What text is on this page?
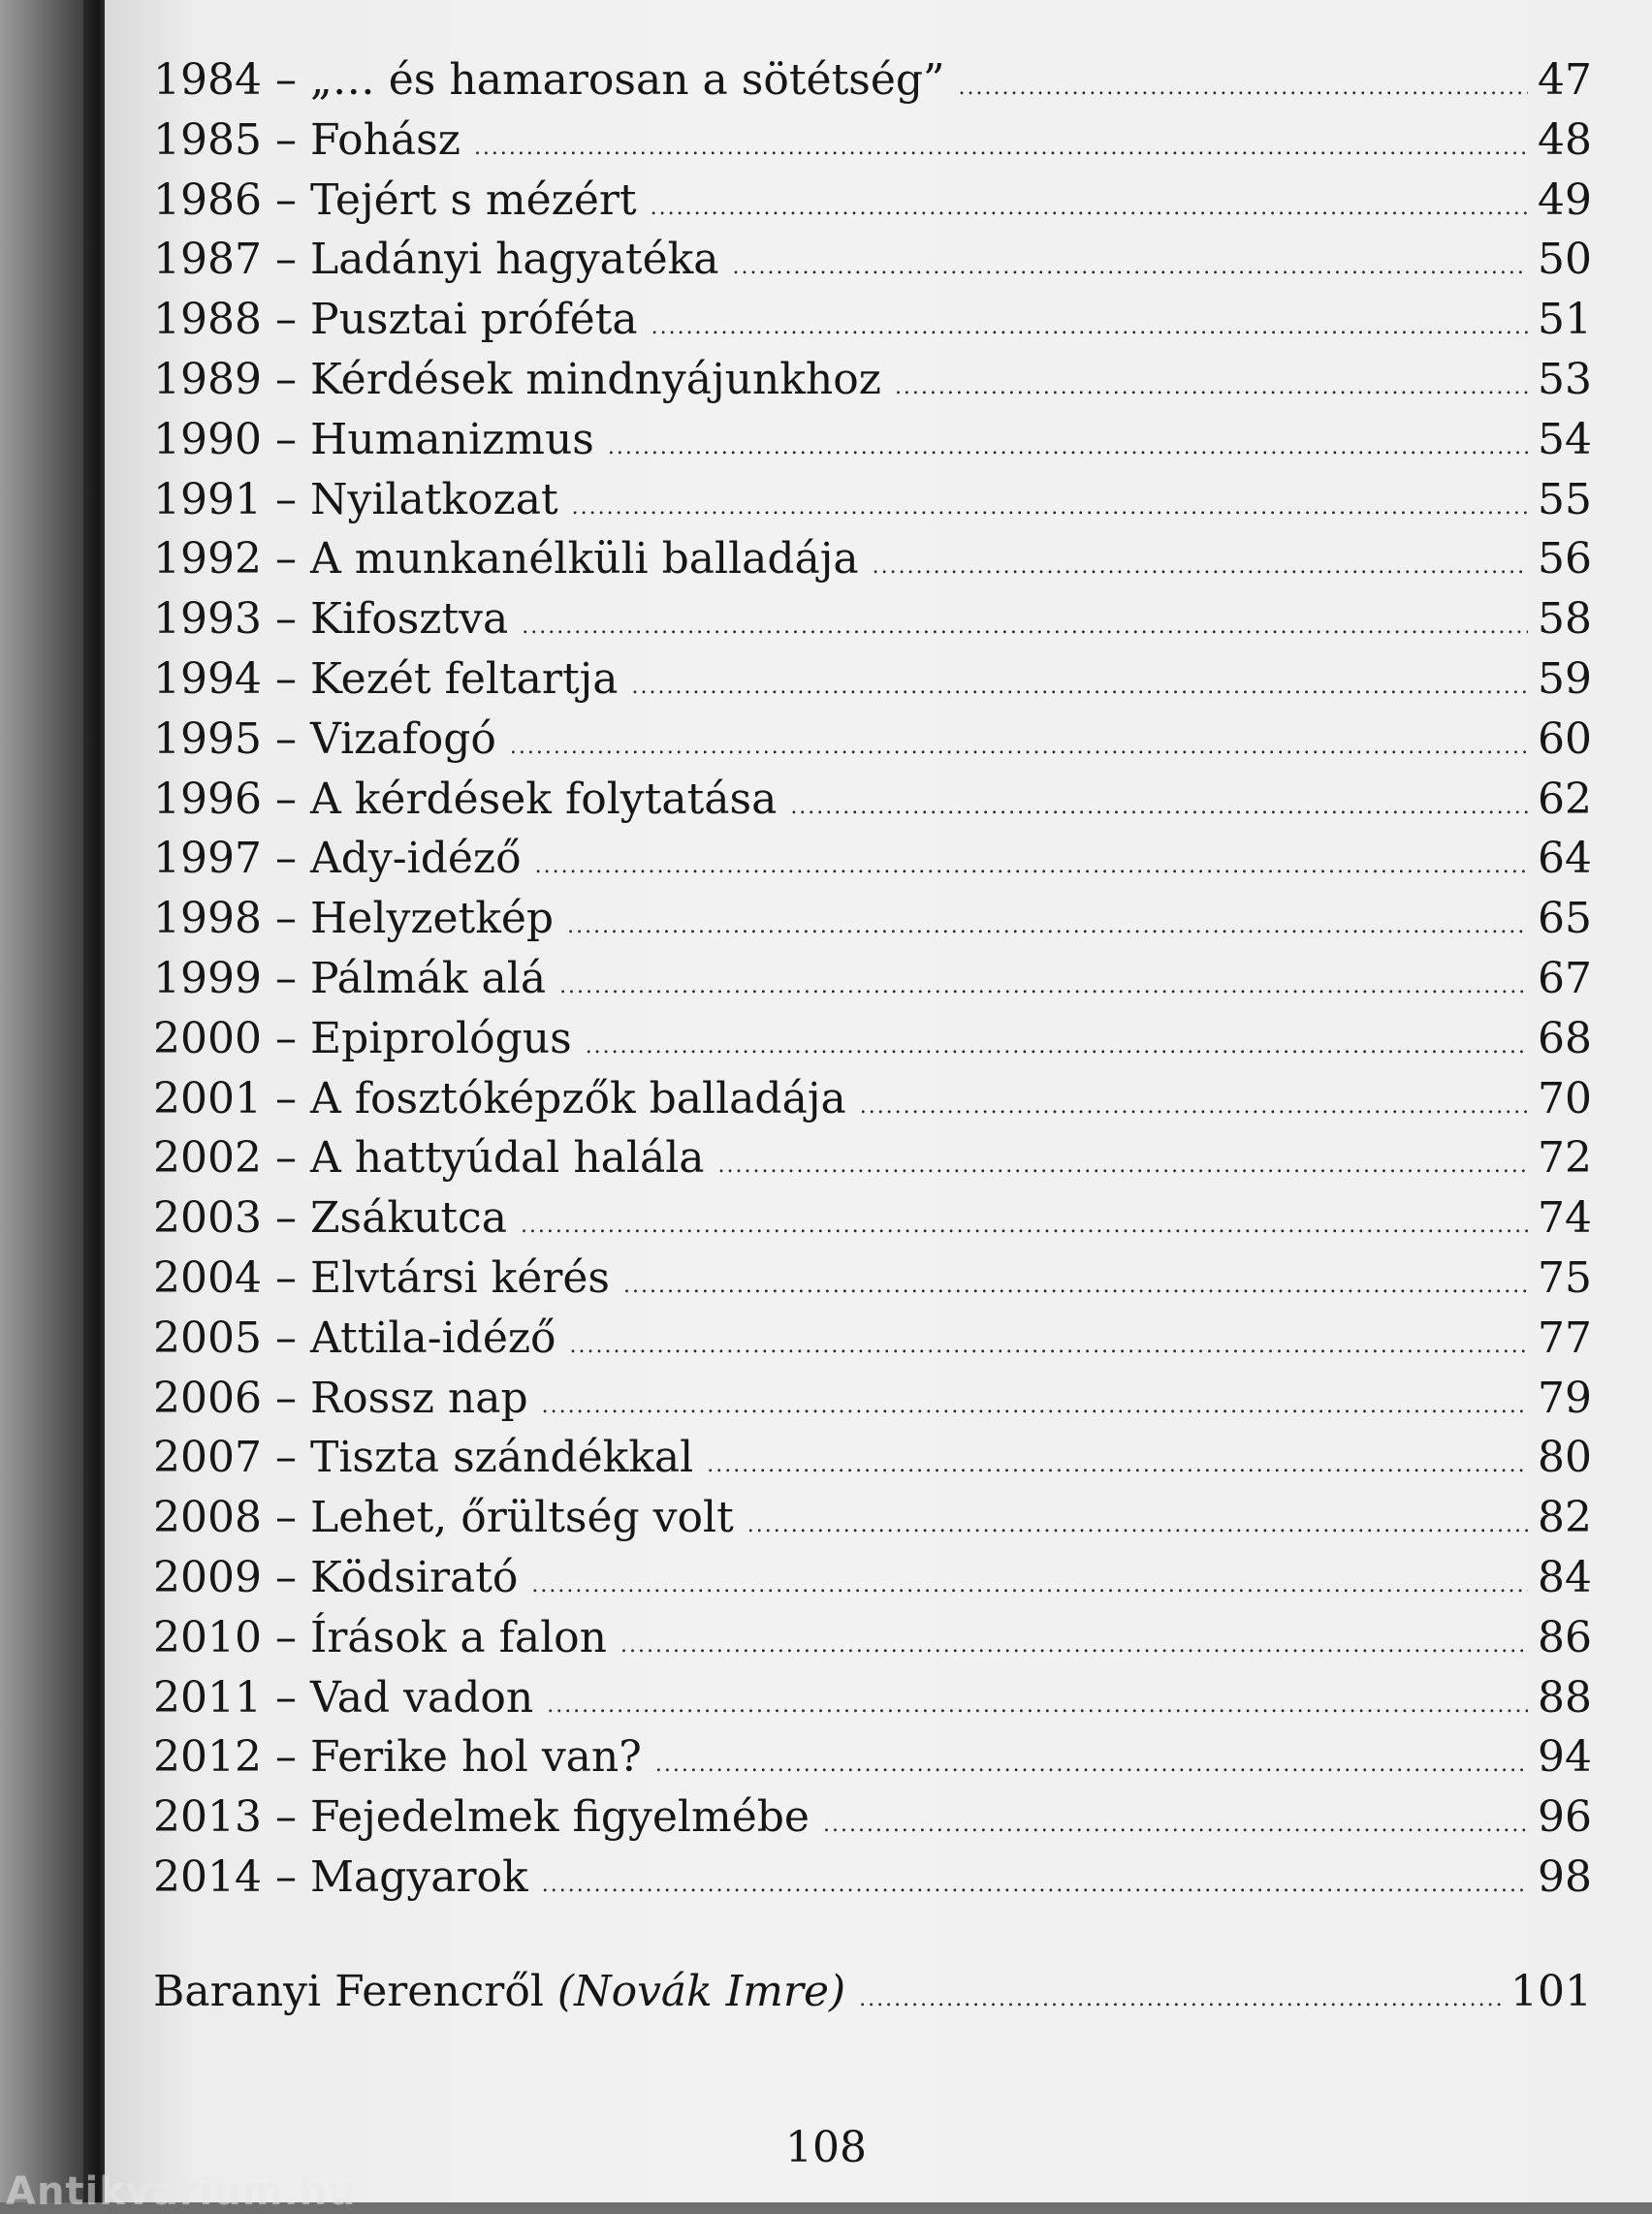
1984 – „… és hamarosan a sötétség” .....	47
1985 – Fohász .....	48
1986 – Tejért s mézért .....	49
1987 – Ladányi hagyatéka .....	50
1988 – Pusztai próféta .....	51
1989 – Kérdések mindnyájunkhoz .....	53
1990 – Humanizmus .....	54
1991 – Nyilatkozat .....	55
1992 – A munkanélküli balladája .....	56
1993 – Kifosztva .....	58
1994 – Kezét feltartja .....	59
1995 – Vizafogó .....	60
1996 – A kérdések folytatása .....	62
1997 – Ady-idéző .....	64
1998 – Helyzetkép .....	65
1999 – Pálmák alá .....	67
2000 – Epiprológus .....	68
2001 – A fosztóképzők balladája .....	70
2002 – A hattyúdal halála .....	72
2003 – Zsákutca .....	74
2004 – Elvtársi kérés .....	75
2005 – Attila-idéző .....	77
2006 – Rossz nap .....	79
2007 – Tiszta szándékkal .....	80
2008 – Lehet, őrültség volt .....	82
2009 – Ködsirató .....	84
2010 – Írások a falon .....	86
2011 – Vad vadon .....	88
2012 – Ferike hol van? .....	94
2013 – Fejedelmek figyelmébe .....	96
2014 – Magyarok .....	98
Baranyi Ferencről (Novák Imre) .....	101
108
Antikvárium.hu
